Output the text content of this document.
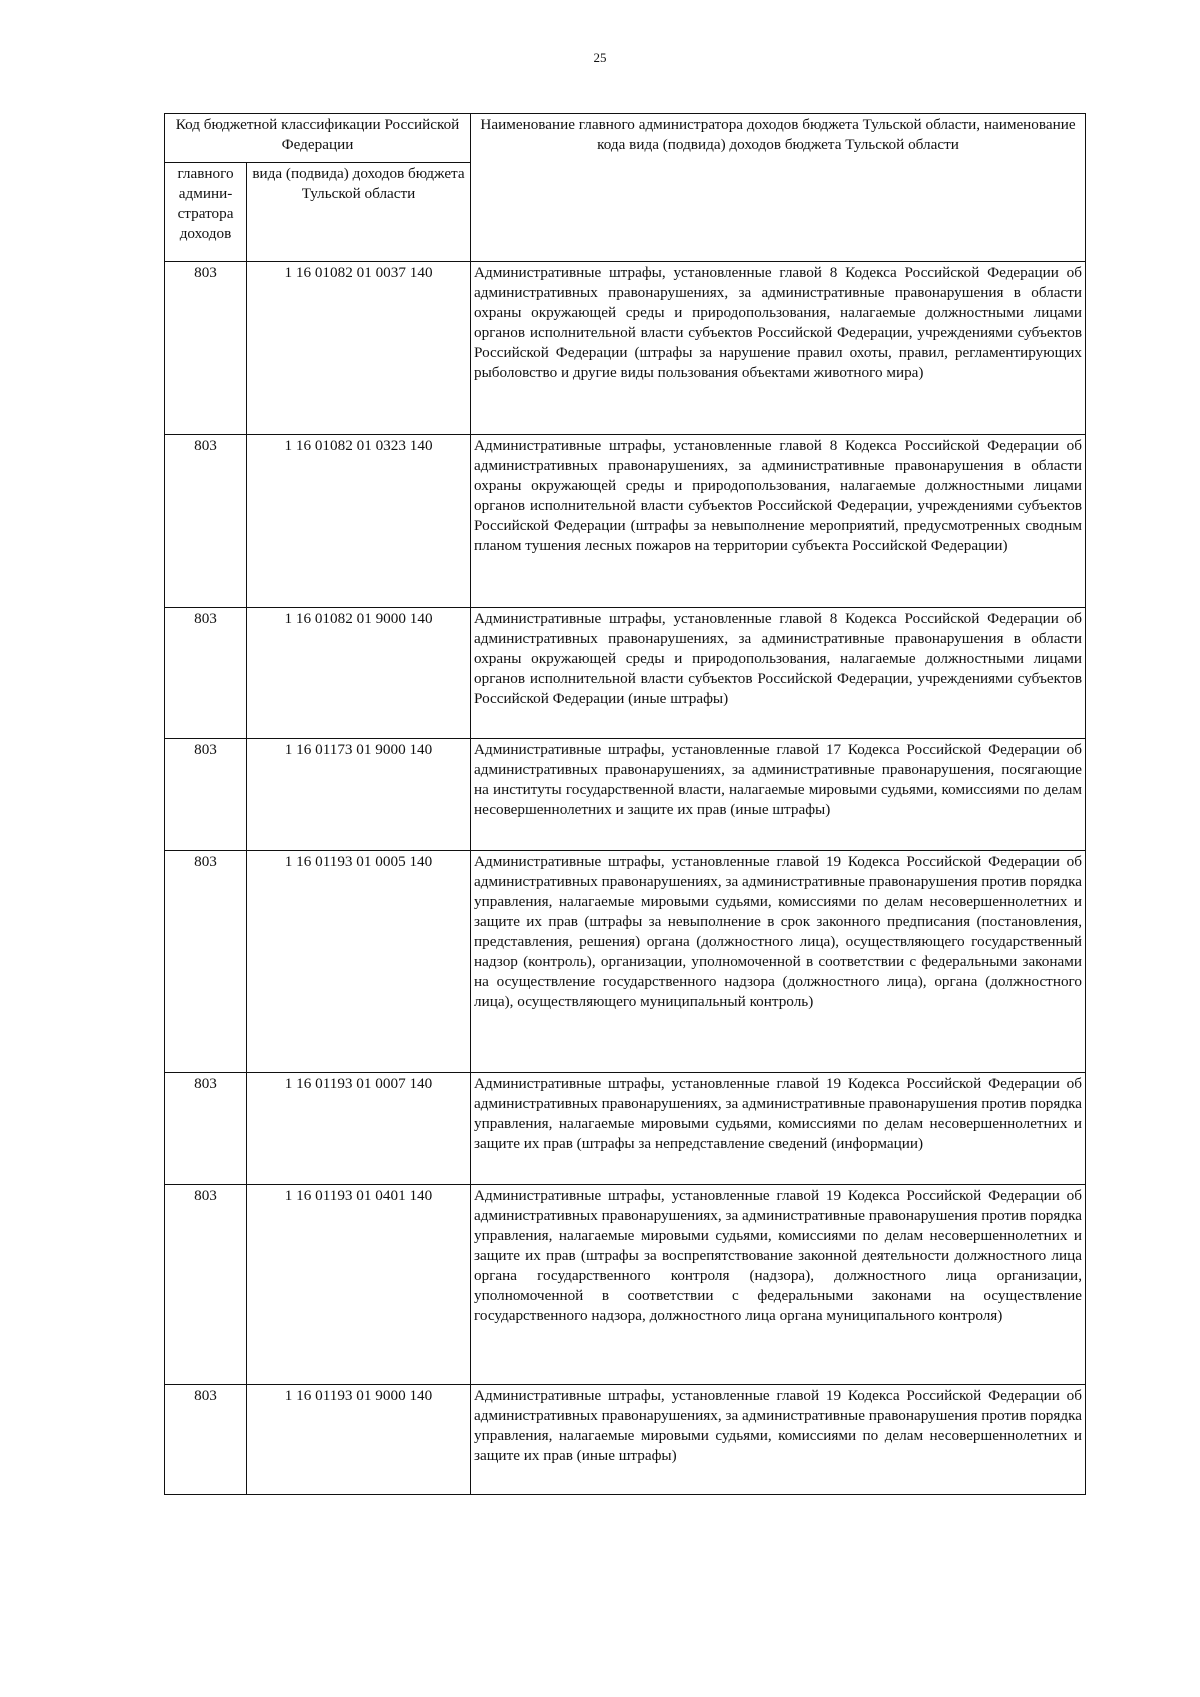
25
Код бюджетной классификации Российской Федерации		Наименование главного администратора доходов бюджета Тульской области, наименование кода вида (подвида) доходов бюджета Тульской области
главного админи- стратора доходов	вида (подвида) доходов бюджета Тульской области	
803	1 16 01082 01 0037 140	Административные штрафы, установленные главой 8 Кодекса Российской Федерации об административных правонарушениях, за административные правонарушения в области охраны окружающей среды и природопользования, налагаемые должностными лицами органов исполнительной власти субъектов Российской Федерации, учреждениями субъектов Российской Федерации (штрафы за нарушение правил охоты, правил, регламентирующих рыболовство и другие виды пользования объектами животного мира)
803	1 16 01082 01 0323 140	Административные штрафы, установленные главой 8 Кодекса Российской Федерации об административных правонарушениях, за административные правонарушения в области охраны окружающей среды и природопользования, налагаемые должностными лицами органов исполнительной власти субъектов Российской Федерации, учреждениями субъектов Российской Федерации (штрафы за невыполнение мероприятий, предусмотренных сводным планом тушения лесных пожаров на территории субъекта Российской Федерации)
803	1 16 01082 01 9000 140	Административные штрафы, установленные главой 8 Кодекса Российской Федерации об административных правонарушениях, за административные правонарушения в области охраны окружающей среды и природопользования, налагаемые должностными лицами органов исполнительной власти субъектов Российской Федерации, учреждениями субъектов Российской Федерации (иные штрафы)
803	1 16 01173 01 9000 140	Административные штрафы, установленные главой 17 Кодекса Российской Федерации об административных правонарушениях, за административные правонарушения, посягающие на институты государственной власти, налагаемые мировыми судьями, комиссиями по делам несовершеннолетних и защите их прав (иные штрафы)
803	1 16 01193 01 0005 140	Административные штрафы, установленные главой 19 Кодекса Российской Федерации об административных правонарушениях, за административные правонарушения против порядка управления, налагаемые мировыми судьями, комиссиями по делам несовершеннолетних и защите их прав (штрафы за невыполнение в срок законного предписания (постановления, представления, решения) органа (должностного лица), осуществляющего государственный надзор (контроль), организации, уполномоченной в соответствии с федеральными законами на осуществление государственного надзора (должностного лица), органа (должностного лица), осуществляющего муниципальный контроль)
803	1 16 01193 01 0007 140	Административные штрафы, установленные главой 19 Кодекса Российской Федерации об административных правонарушениях, за административные правонарушения против порядка управления, налагаемые мировыми судьями, комиссиями по делам несовершеннолетних и защите их прав (штрафы за непредставление сведений (информации)
803	1 16 01193 01 0401 140	Административные штрафы, установленные главой 19 Кодекса Российской Федерации об административных правонарушениях, за административные правонарушения против порядка управления, налагаемые мировыми судьями, комиссиями по делам несовершеннолетних и защите их прав (штрафы за воспрепятствование законной деятельности должностного лица органа государственного контроля (надзора), должностного лица организации, уполномоченной в соответствии с федеральными законами на осуществление государственного надзора, должностного лица органа муниципального контроля)
803	1 16 01193 01 9000 140	Административные штрафы, установленные главой 19 Кодекса Российской Федерации об административных правонарушениях, за административные правонарушения против порядка управления, налагаемые мировыми судьями, комиссиями по делам несовершеннолетних и защите их прав (иные штрафы)
